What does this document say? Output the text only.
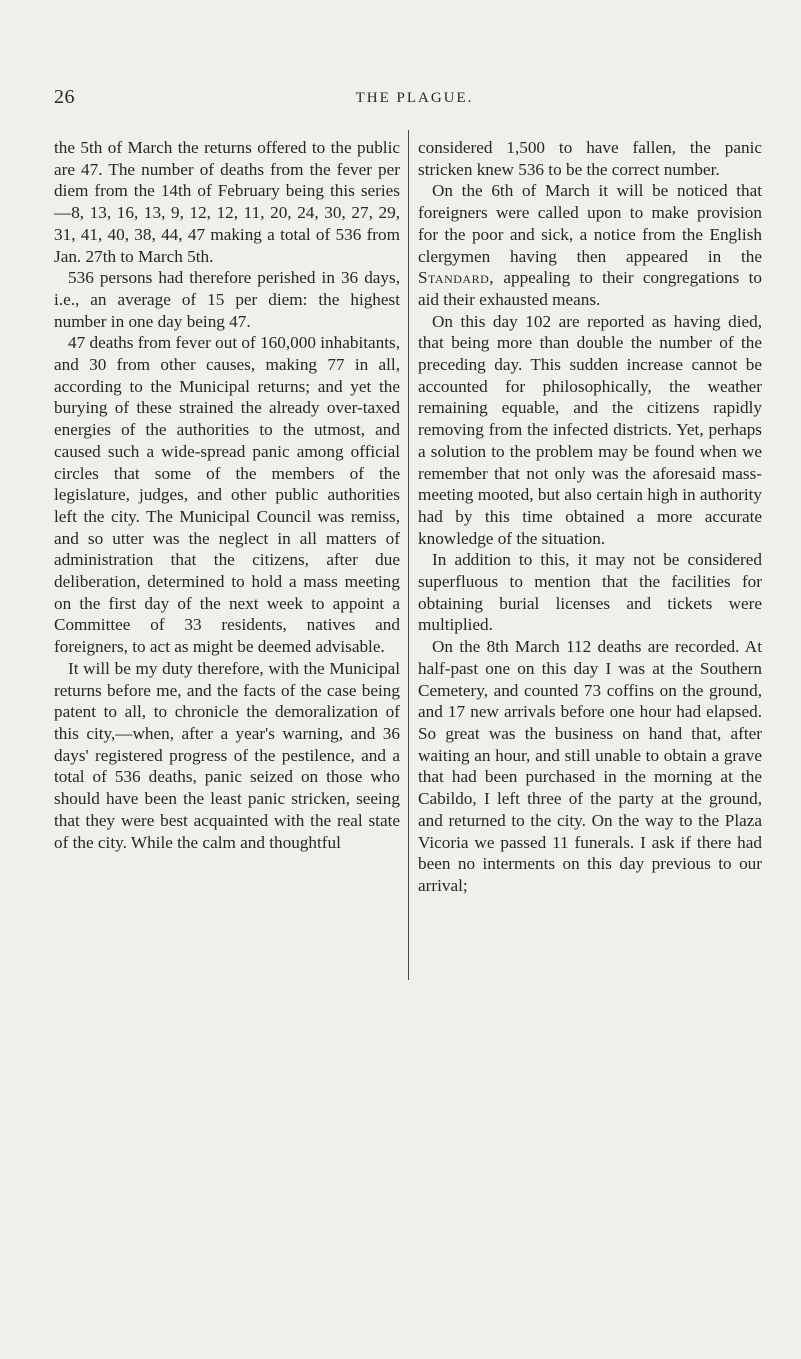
26	THE PLAGUE.

the 5th of March the returns offered to the public are 47. The number of deaths from the fever per diem from the 14th of February being this series—8, 13, 16, 13, 9, 12, 12, 11, 20, 24, 30, 27, 29, 31, 41, 40, 38, 44, 47 making a total of 536 from Jan. 27th to March 5th.

536 persons had therefore perished in 36 days, i.e., an average of 15 per diem: the highest number in one day being 47.

47 deaths from fever out of 160,000 inhabitants, and 30 from other causes, making 77 in all, according to the Municipal returns; and yet the burying of these strained the already over-taxed energies of the authorities to the utmost, and caused such a wide-spread panic among official circles that some of the members of the legislature, judges, and other public authorities left the city. The Municipal Council was remiss, and so utter was the neglect in all matters of administration that the citizens, after due deliberation, determined to hold a mass meeting on the first day of the next week to appoint a Committee of 33 residents, natives and foreigners, to act as might be deemed advisable.

It will be my duty therefore, with the Municipal returns before me, and the facts of the case being patent to all, to chronicle the demoralization of this city,—when, after a year's warning, and 36 days' registered progress of the pestilence, and a total of 536 deaths, panic seized on those who should have been the least panic stricken, seeing that they were best acquainted with the real state of the city. While the calm and thoughtful

considered 1,500 to have fallen, the panic stricken knew 536 to be the correct number.

On the 6th of March it will be noticed that foreigners were called upon to make provision for the poor and sick, a notice from the English clergymen having then appeared in the Standard, appealing to their congregations to aid their exhausted means.

On this day 102 are reported as having died, that being more than double the number of the preceding day. This sudden increase cannot be accounted for philosophically, the weather remaining equable, and the citizens rapidly removing from the infected districts. Yet, perhaps a solution to the problem may be found when we remember that not only was the aforesaid mass-meeting mooted, but also certain high in authority had by this time obtained a more accurate knowledge of the situation.

In addition to this, it may not be considered superfluous to mention that the facilities for obtaining burial licenses and tickets were multiplied.

On the 8th March 112 deaths are recorded. At half-past one on this day I was at the Southern Cemetery, and counted 73 coffins on the ground, and 17 new arrivals before one hour had elapsed. So great was the business on hand that, after waiting an hour, and still unable to obtain a grave that had been purchased in the morning at the Cabildo, I left three of the party at the ground, and returned to the city. On the way to the Plaza Vicoria we passed 11 funerals. I ask if there had been no interments on this day previous to our arrival;
